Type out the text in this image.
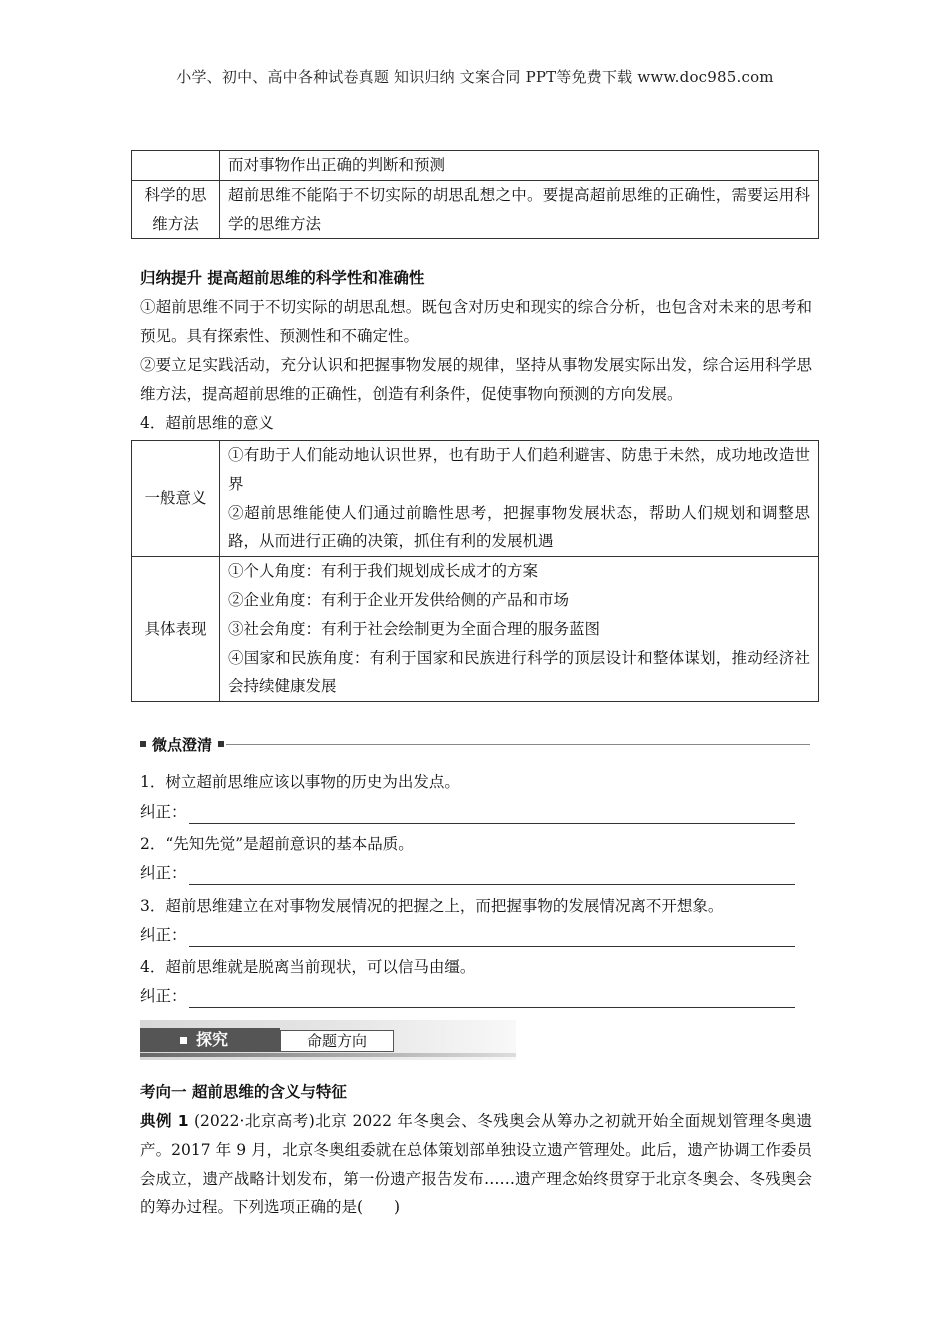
小学、初中、高中各种试卷真题 知识归纳 文案合同 PPT等免费下载 www.doc985.com
	而对事物作出正确的判断和预测
科学的思维方法	超前思维不能陷于不切实际的胡思乱想之中。要提高超前思维的正确性，需要运用科学的思维方法
归纳提升 提高超前思维的科学性和准确性
①超前思维不同于不切实际的胡思乱想。既包含对历史和现实的综合分析，也包含对未来的思考和预见。具有探索性、预测性和不确定性。
②要立足实践活动，充分认识和把握事物发展的规律，坚持从事物发展实际出发，综合运用科学思维方法，提高超前思维的正确性，创造有利条件，促使事物向预测的方向发展。
4．超前思维的意义
一般意义	①有助于人们能动地认识世界，也有助于人们趋利避害、防患于未然，成功地改造世界
②超前思维能使人们通过前瞻性思考，把握事物发展状态，帮助人们规划和调整思路，从而进行正确的决策，抓住有利的发展机遇

具体表现	①个人角度：有利于我们规划成长成才的方案
②企业角度：有利于企业开发供给侧的产品和市场
③社会角度：有利于社会绘制更为全面合理的服务蓝图
④国家和民族角度：有利于国家和民族进行科学的顶层设计和整体谋划，推动经济社会持续健康发展
微点澄清
1．树立超前思维应该以事物的历史为出发点。
纠正：
2．“先知先觉”是超前意识的基本品质。
纠正：
3．超前思维建立在对事物发展情况的把握之上，而把握事物的发展情况离不开想象。
纠正：
4．超前思维就是脱离当前现状，可以信马由缰。
纠正：
探究	命题方向
考向一 超前思维的含义与特征
典例 1 (2022·北京高考)北京 2022 年冬奥会、冬残奥会从筹办之初就开始全面规划管理冬奥遗产。2017 年 9 月，北京冬奥组委就在总体策划部单独设立遗产管理处。此后，遗产协调工作委员会成立，遗产战略计划发布，第一份遗产报告发布……遗产理念始终贯穿于北京冬奥会、冬残奥会的筹办过程。下列选项正确的是(　　)
